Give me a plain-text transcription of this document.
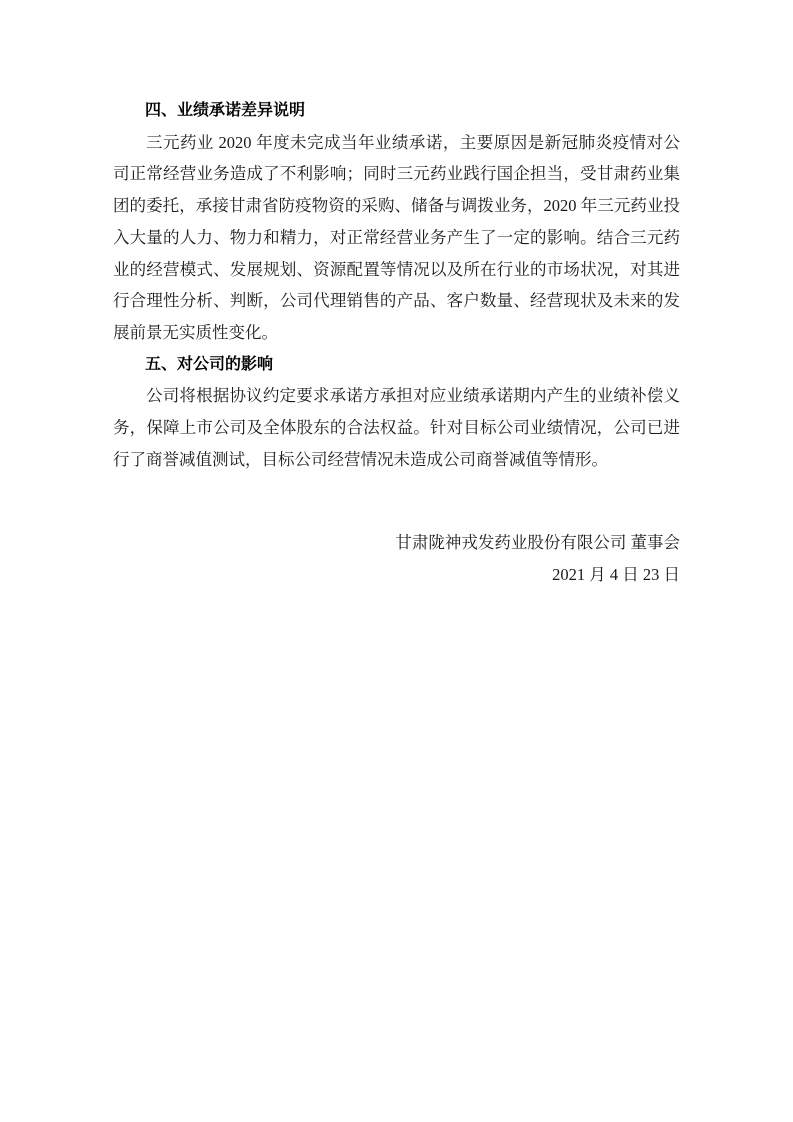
四、业绩承诺差异说明

三元药业 2020 年度未完成当年业绩承诺，主要原因是新冠肺炎疫情对公司正常经营业务造成了不利影响；同时三元药业践行国企担当，受甘肃药业集团的委托，承接甘肃省防疫物资的采购、储备与调拨业务，2020 年三元药业投入大量的人力、物力和精力，对正常经营业务产生了一定的影响。结合三元药业的经营模式、发展规划、资源配置等情况以及所在行业的市场状况，对其进行合理性分析、判断，公司代理销售的产品、客户数量、经营现状及未来的发展前景无实质性变化。

五、对公司的影响

公司将根据协议约定要求承诺方承担对应业绩承诺期内产生的业绩补偿义务，保障上市公司及全体股东的合法权益。针对目标公司业绩情况，公司已进行了商誉减值测试，目标公司经营情况未造成公司商誉减值等情形。

甘肃陇神戎发药业股份有限公司 董事会

2021 月 4 日 23 日
